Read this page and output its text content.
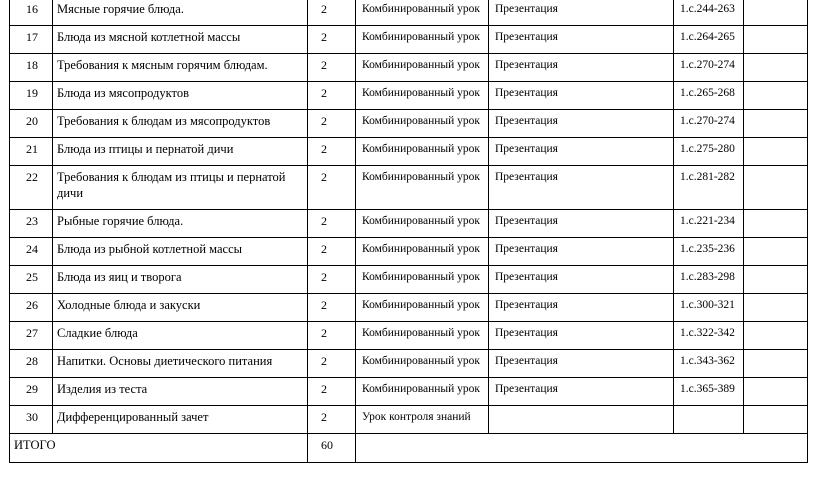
16	Мясные горячие блюда.	2	Комбинированный урок	Презентация	1.с.244-263	
17	Блюда из мясной котлетной массы	2	Комбинированный урок	Презентация	1.с.264-265	
18	Требования к мясным горячим блюдам.	2	Комбинированный урок	Презентация	1.с.270-274	
19	Блюда из мясопродуктов	2	Комбинированный урок	Презентация	1.с.265-268	
20	Требования к блюдам из мясопродуктов	2	Комбинированный урок	Презентация	1.с.270-274	
21	Блюда из птицы и пернатой дичи	2	Комбинированный урок	Презентация	1.с.275-280	
22	Требования к блюдам из птицы и пернатой дичи	2	Комбинированный урок	Презентация	1.с.281-282	
23	Рыбные горячие блюда.	2	Комбинированный урок	Презентация	1.с.221-234	
24	Блюда из рыбной котлетной массы	2	Комбинированный урок	Презентация	1.с.235-236	
25	Блюда из яиц и творога	2	Комбинированный урок	Презентация	1.с.283-298	
26	Холодные блюда и закуски	2	Комбинированный урок	Презентация	1.с.300-321	
27	Сладкие блюда	2	Комбинированный урок	Презентация	1.с.322-342	
28	Напитки. Основы диетического питания	2	Комбинированный урок	Презентация	1.с.343-362	
29	Изделия из теста	2	Комбинированный урок	Презентация	1.с.365-389	
30	Дифференцированный зачет	2	Урок контроля знаний			
ИТОГО		60				
